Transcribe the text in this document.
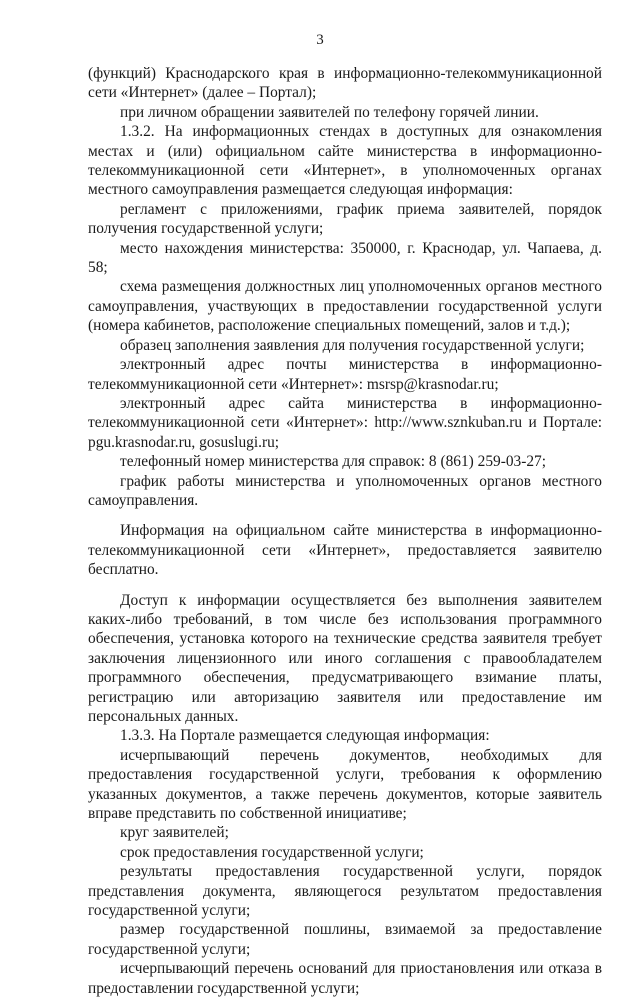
3

(функций) Краснодарского края в информационно-телекоммуникационной сети «Интернет» (далее – Портал);

при личном обращении заявителей по телефону горячей линии.

1.3.2. На информационных стендах в доступных для ознакомления местах и (или) официальном сайте министерства в информационно-телекоммуникационной сети «Интернет», в уполномоченных органах местного самоуправления размещается следующая информация:

регламент с приложениями, график приема заявителей, порядок получения государственной услуги;

место нахождения министерства: 350000, г. Краснодар, ул. Чапаева, д. 58;

схема размещения должностных лиц уполномоченных органов местного самоуправления, участвующих в предоставлении государственной услуги (номера кабинетов, расположение специальных помещений, залов и т.д.);

образец заполнения заявления для получения государственной услуги;

электронный адрес почты министерства в информационно-телекоммуникационной сети «Интернет»: msrsp@krasnodar.ru;

электронный адрес сайта министерства в информационно-телекоммуникационной сети «Интернет»: http://www.sznkuban.ru и Портале: pgu.krasnodar.ru, gosuslugi.ru;

телефонный номер министерства для справок: 8 (861) 259-03-27;

график работы министерства и уполномоченных органов местного самоуправления.

Информация на официальном сайте министерства в информационно-телекоммуникационной сети «Интернет», предоставляется заявителю бесплатно.

Доступ к информации осуществляется без выполнения заявителем каких-либо требований, в том числе без использования программного обеспечения, установка которого на технические средства заявителя требует заключения лицензионного или иного соглашения с правообладателем программного обеспечения, предусматривающего взимание платы, регистрацию или авторизацию заявителя или предоставление им персональных данных.

1.3.3. На Портале размещается следующая информация:

исчерпывающий перечень документов, необходимых для предоставления государственной услуги, требования к оформлению указанных документов, а также перечень документов, которые заявитель вправе представить по собственной инициативе;

круг заявителей;

срок предоставления государственной услуги;

результаты предоставления государственной услуги, порядок представления документа, являющегося результатом предоставления государственной услуги;

размер государственной пошлины, взимаемой за предоставление государственной услуги;

исчерпывающий перечень оснований для приостановления или отказа в предоставлении государственной услуги;
